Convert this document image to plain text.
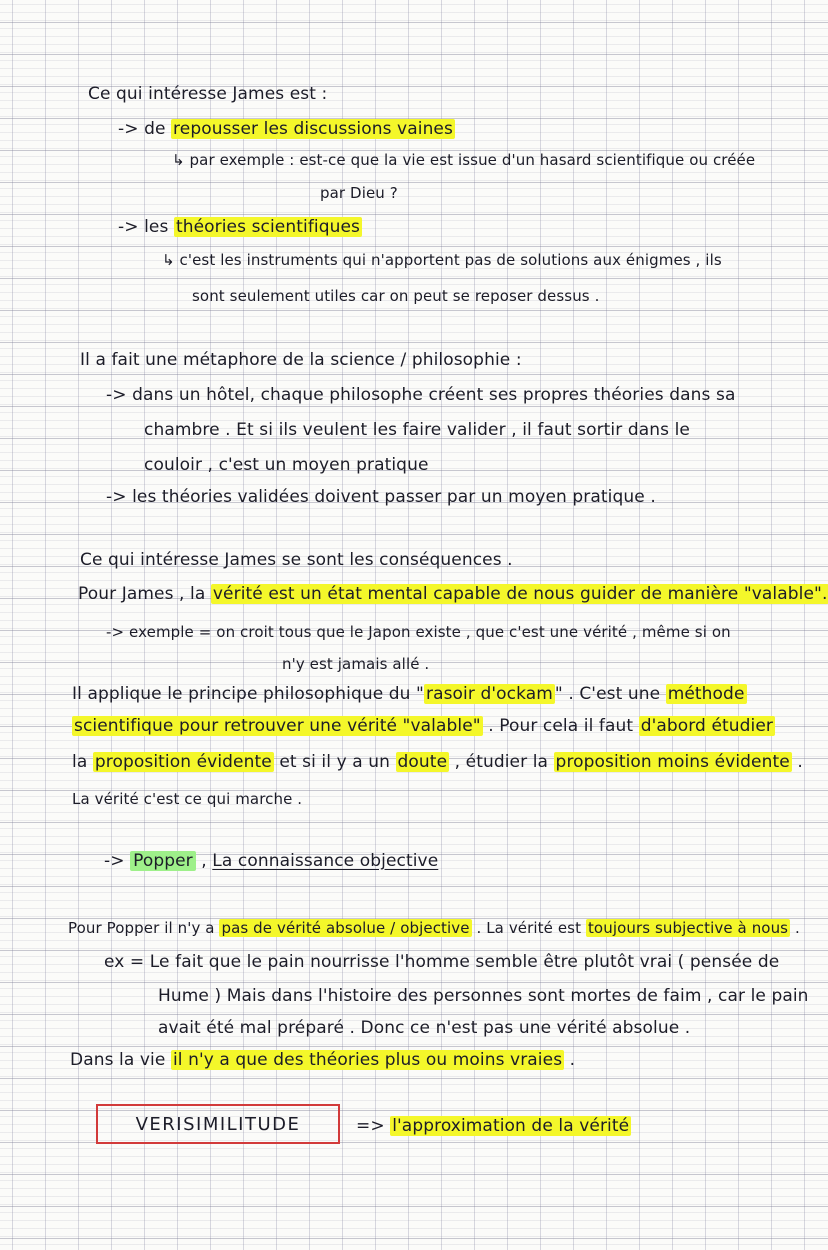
Ce qui intéresse James est :
-> de repousser les discussions vaines
↳ par exemple : est-ce que la vie est issue d'un hasard scientifique ou créée
par Dieu ?
-> les théories scientifiques
↳ c'est les instruments qui n'apportent pas de solutions aux énigmes , ils
sont seulement utiles car on peut se reposer dessus .
Il a fait une métaphore de la science / philosophie :
-> dans un hôtel, chaque philosophe créent ses propres théories dans sa
chambre . Et si ils veulent les faire valider , il faut sortir dans le
couloir , c'est un moyen pratique
-> les théories validées doivent passer par un moyen pratique .
Ce qui intéresse James se sont les conséquences .
Pour James , la vérité est un état mental capable de nous guider de manière "valable".
-> exemple = on croit tous que le Japon existe , que c'est une vérité , même si on
n'y est jamais allé .
Il applique le principe philosophique du " rasoir d'ockam " . C'est une méthode
scientifique pour retrouver une vérité "valable" . Pour cela il faut d'abord étudier
la proposition évidente et si il y a un doute , étudier la proposition moins évidente .
La vérité c'est ce qui marche .
-> Popper , La connaissance objective
Pour Popper il n'y a pas de vérité absolue / objective . La vérité est toujours subjective à nous .
ex = Le fait que le pain nourrisse l'homme semble être plutôt vrai ( pensée de
Hume ) Mais dans l'histoire des personnes sont mortes de faim , car le pain
avait été mal préparé . Donc ce n'est pas une vérité absolue .
Dans la vie il n'y a que des théories plus ou moins vraies .
VERISIMILITUDE	=> l'approximation de la vérité
